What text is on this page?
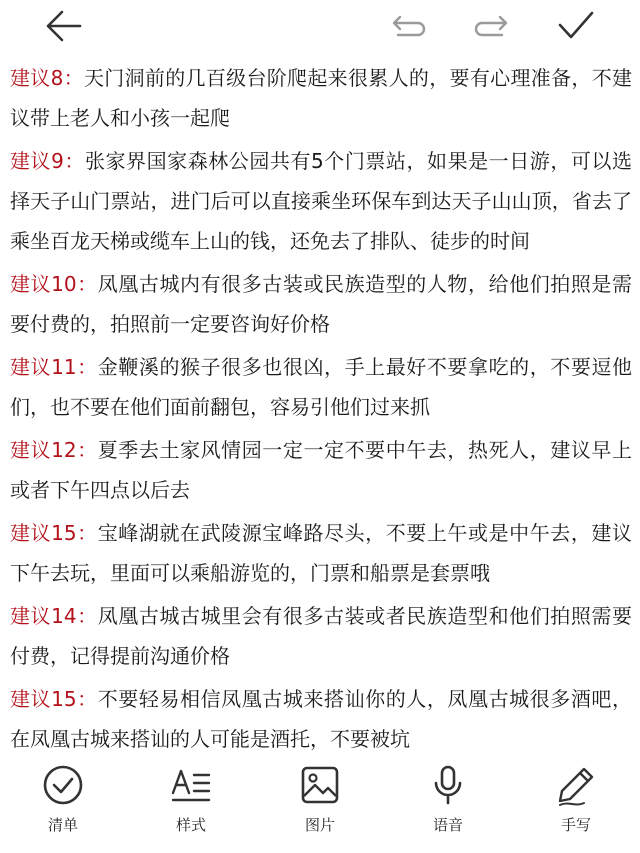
建议8：天门洞前的几百级台阶爬起来很累人的，要有心理准备，不建议带上老人和小孩一起爬

建议9：张家界国家森林公园共有5个门票站，如果是一日游，可以选择天子山门票站，进门后可以直接乘坐环保车到达天子山山顶，省去了乘坐百龙天梯或缆车上山的钱，还免去了排队、徒步的时间

建议10：凤凰古城内有很多古装或民族造型的人物，给他们拍照是需要付费的，拍照前一定要咨询好价格

建议11：金鞭溪的猴子很多也很凶，手上最好不要拿吃的，不要逗他们，也不要在他们面前翻包，容易引他们过来抓

建议12：夏季去土家风情园一定一定不要中午去，热死人，建议早上或者下午四点以后去

建议15：宝峰湖就在武陵源宝峰路尽头，不要上午或是中午去，建议下午去玩，里面可以乘船游览的，门票和船票是套票哦

建议14：凤凰古城古城里会有很多古装或者民族造型和他们拍照需要付费，记得提前沟通价格

建议15：不要轻易相信凤凰古城来搭讪你的人，凤凰古城很多酒吧，在凤凰古城来搭讪的人可能是酒托，不要被坑

清单	样式	图片	语音	手写
